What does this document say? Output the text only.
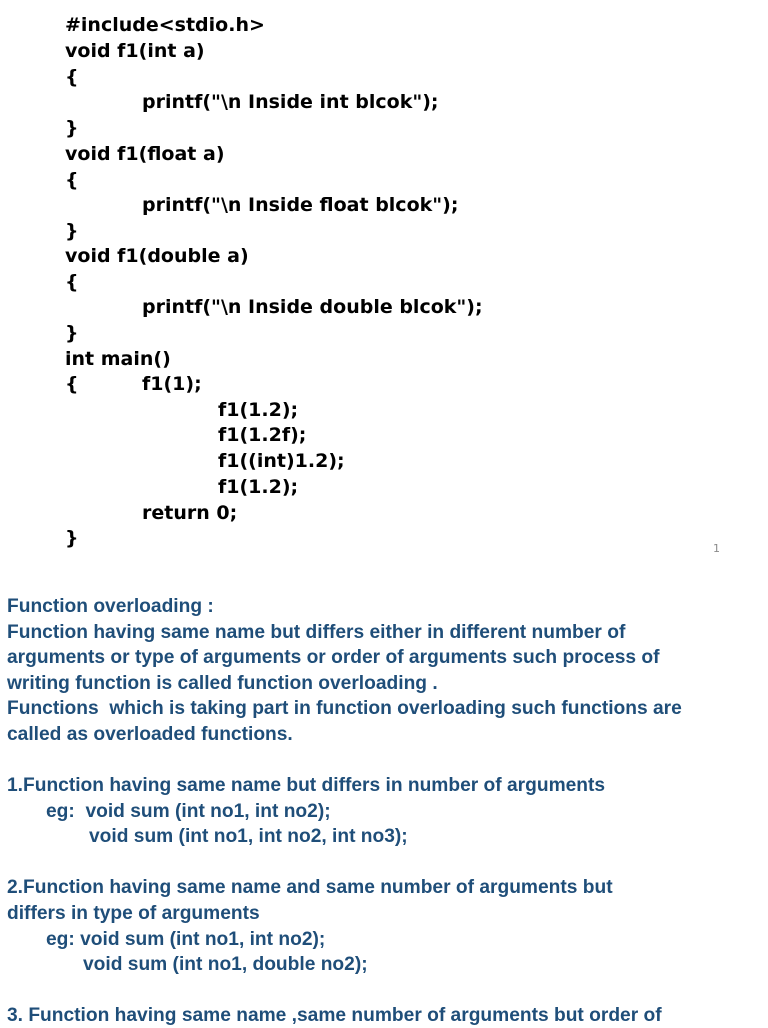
#include<stdio.h>
void f1(int a)
{
printf("\n Inside int blcok");
}
void f1(float a)
{
printf("\n Inside float blcok");
}
void f1(double a)
{
printf("\n Inside double blcok");
}
int main()
{	f1(1);
f1(1.2);
f1(1.2f);
f1((int)1.2);
f1(1.2);
return 0;
}	1
Function overloading :
Function having same name but differs either in different number of
arguments or type of arguments or order of arguments such process of
writing function is called function overloading .
Functions  which is taking part in function overloading such functions are
called as overloaded functions.
1.Function having same name but differs in number of arguments
eg:  void sum (int no1, int no2);
void sum (int no1, int no2, int no3);
2.Function having same name and same number of arguments but
differs in type of arguments
eg: void sum (int no1, int no2);
void sum (int no1, double no2);
3. Function having same name ,same number of arguments but order of
